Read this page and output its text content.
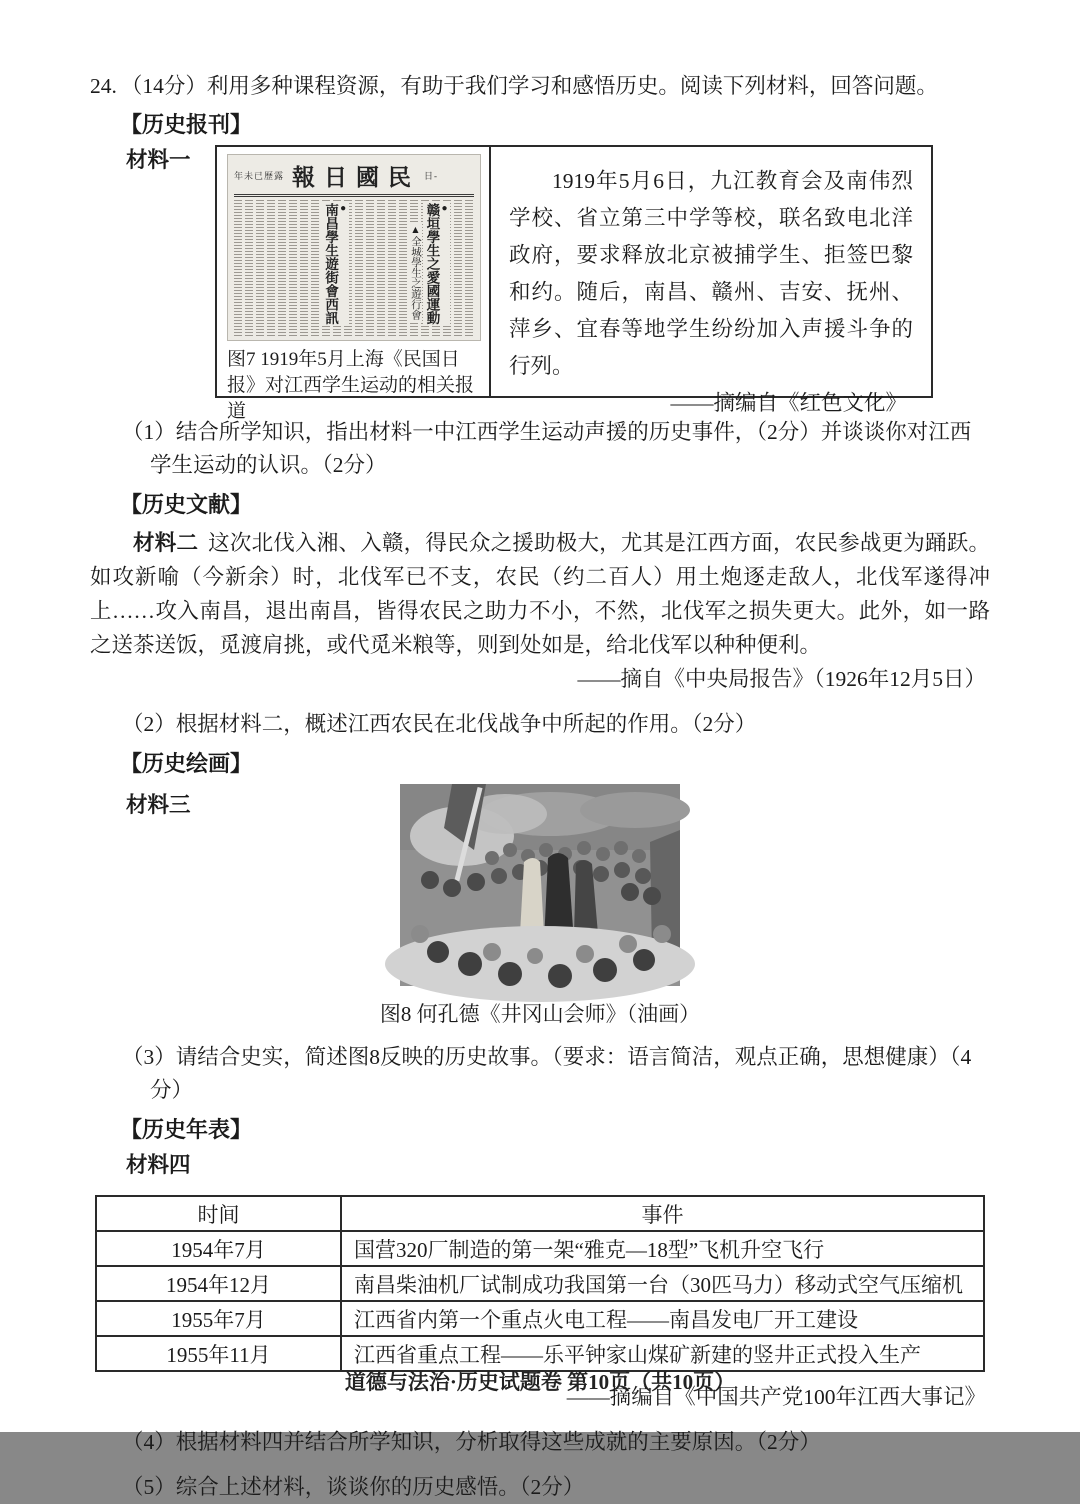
24. （14分）利用多种课程资源，有助于我们学习和感悟历史。阅读下列材料，回答问题。

【历史报刊】
材料一
年未已歷露 報日國民 日-
●
赣垣學生之愛國運動
▲全城學生之遊行會
●
南昌學生遊街會西訊
图7 1919年5月上海《民国日报》对江西学生运动的相关报道

1919年5月6日，九江教育会及南伟烈学校、省立第三中学等校，联名致电北洋政府，要求释放北京被捕学生、拒签巴黎和约。随后，南昌、赣州、吉安、抚州、萍乡、宜春等地学生纷纷加入声援斗争的行列。

——摘编自《红色文化》

（1）结合所学知识，指出材料一中江西学生运动声援的历史事件，（2分）并谈谈你对江西学生运动的认识。（2分）

【历史文献】

材料二 这次北伐入湘、入赣，得民众之援助极大，尤其是江西方面，农民参战更为踊跃。如攻新喻（今新余）时，北伐军已不支，农民（约二百人）用土炮逐走敌人，北伐军遂得冲上……攻入南昌，退出南昌，皆得农民之助力不小，不然，北伐军之损失更大。此外，如一路之送茶送饭，觅渡肩挑，或代觅米粮等，则到处如是，给北伐军以种种便利。

——摘自《中央局报告》（1926年12月5日）

（2）根据材料二，概述江西农民在北伐战争中所起的作用。（2分）

【历史绘画】
材料三
图8 何孔德《井冈山会师》（油画）

（3）请结合史实，简述图8反映的历史故事。（要求：语言简洁，观点正确，思想健康）（4分）

【历史年表】
材料四
时间	事件
1954年7月	国营320厂制造的第一架“雅克—18型”飞机升空飞行
1954年12月	南昌柴油机厂试制成功我国第一台（30匹马力）移动式空气压缩机
1955年7月	江西省内第一个重点火电工程——南昌发电厂开工建设
1955年11月	江西省重点工程——乐平钟家山煤矿新建的竖井正式投入生产

——摘编自《中国共产党100年江西大事记》

（4）根据材料四并结合所学知识，分析取得这些成就的主要原因。（2分）

（5）综合上述材料，谈谈你的历史感悟。（2分）

道德与法治·历史试题卷 第10页（共10页）
